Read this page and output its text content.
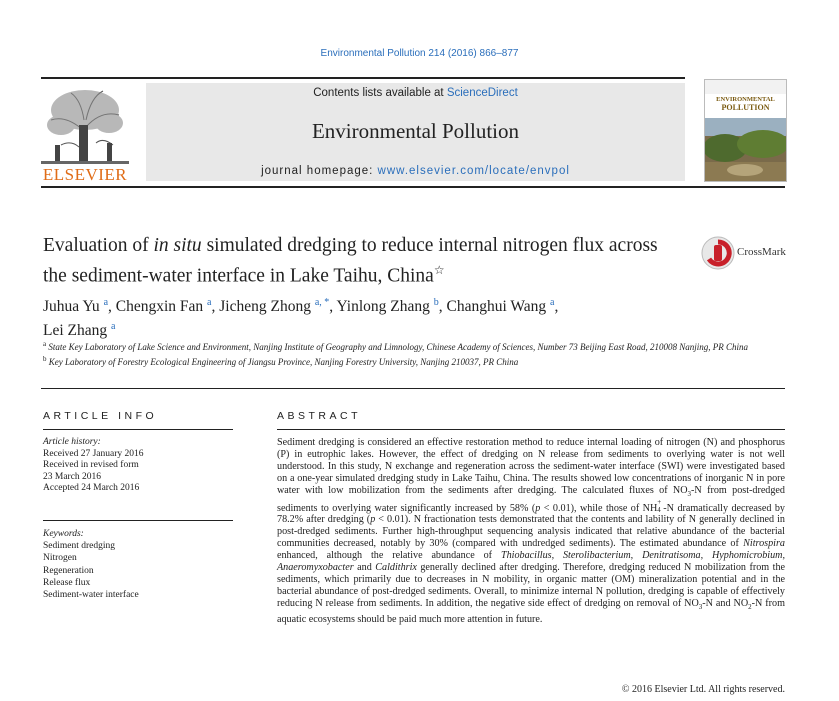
Environmental Pollution 214 (2016) 866–877
ELSEVIER
Contents lists available at ScienceDirect
Environmental Pollution
journal homepage: www.elsevier.com/locate/envpol
ENVIRONMENTAL
POLLUTION
Evaluation of in situ simulated dredging to reduce internal nitrogen flux across the sediment-water interface in Lake Taihu, China☆
CrossMark
Juhua Yu $^a$, Chengxin Fan $^a$, Jicheng Zhong $^{a, *}$, Yinlong Zhang $^b$, Changhui Wang $^a$,
Lei Zhang $^a$
$^a$ State Key Laboratory of Lake Science and Environment, Nanjing Institute of Geography and Limnology, Chinese Academy of Sciences, Number 73 Beijing East Road, 210008 Nanjing, PR China
$^b$ Key Laboratory of Forestry Ecological Engineering of Jiangsu Province, Nanjing Forestry University, Nanjing 210037, PR China
ARTICLE INFO
Article history:
Received 27 January 2016
Received in revised form
23 March 2016
Accepted 24 March 2016
Keywords:
Sediment dredging
Nitrogen
Regeneration
Release flux
Sediment-water interface
ABSTRACT
Sediment dredging is considered an effective restoration method to reduce internal loading of nitrogen (N) and phosphorus (P) in eutrophic lakes. However, the effect of dredging on N release from sediments to overlying water is not well understood. In this study, N exchange and regeneration across the sediment-water interface (SWI) were investigated based on a one-year simulated dredging study in Lake Taihu, China. The results showed low concentrations of inorganic N in pore water with low mobilization from the sediments after dredging. The calculated fluxes of $NO_3-N$ from post-dredged sediments to overlying water significantly increased by 58% (p < 0.01), while those of NH
+
4 -N dramatically decreased by 78.2% after dredging (p < 0.01). N fractionation tests demonstrated that the contents and lability of N generally declined in post-dredged sediments. Further high-throughput sequencing analysis indicated that relative abundance of the bacterial communities decreased, notably by 30% (compared with undredged sediments). The estimated abundance of Nitrospira enhanced, although the relative abundance of Thiobacillus, Sterolibacterium, Denitratisoma, Hyphomicrobium, Anaeromyxobacter and Caldithrix generally declined after dredging. Therefore, dredging reduced N mobilization from the sediments, which primarily due to decreases in N mobility, in organic matter (OM) mineralization potential and in the bacterial abundance of post-dredged sediments. Overall, to minimize internal N pollution, dredging is capable of effectively reducing N release from sediments. In addition, the negative side effect of dredging on removal of $NO_3-N$ and $NO_2-N$ from aquatic ecosystems should be paid much more attention in future.
© 2016 Elsevier Ltd. All rights reserved.
